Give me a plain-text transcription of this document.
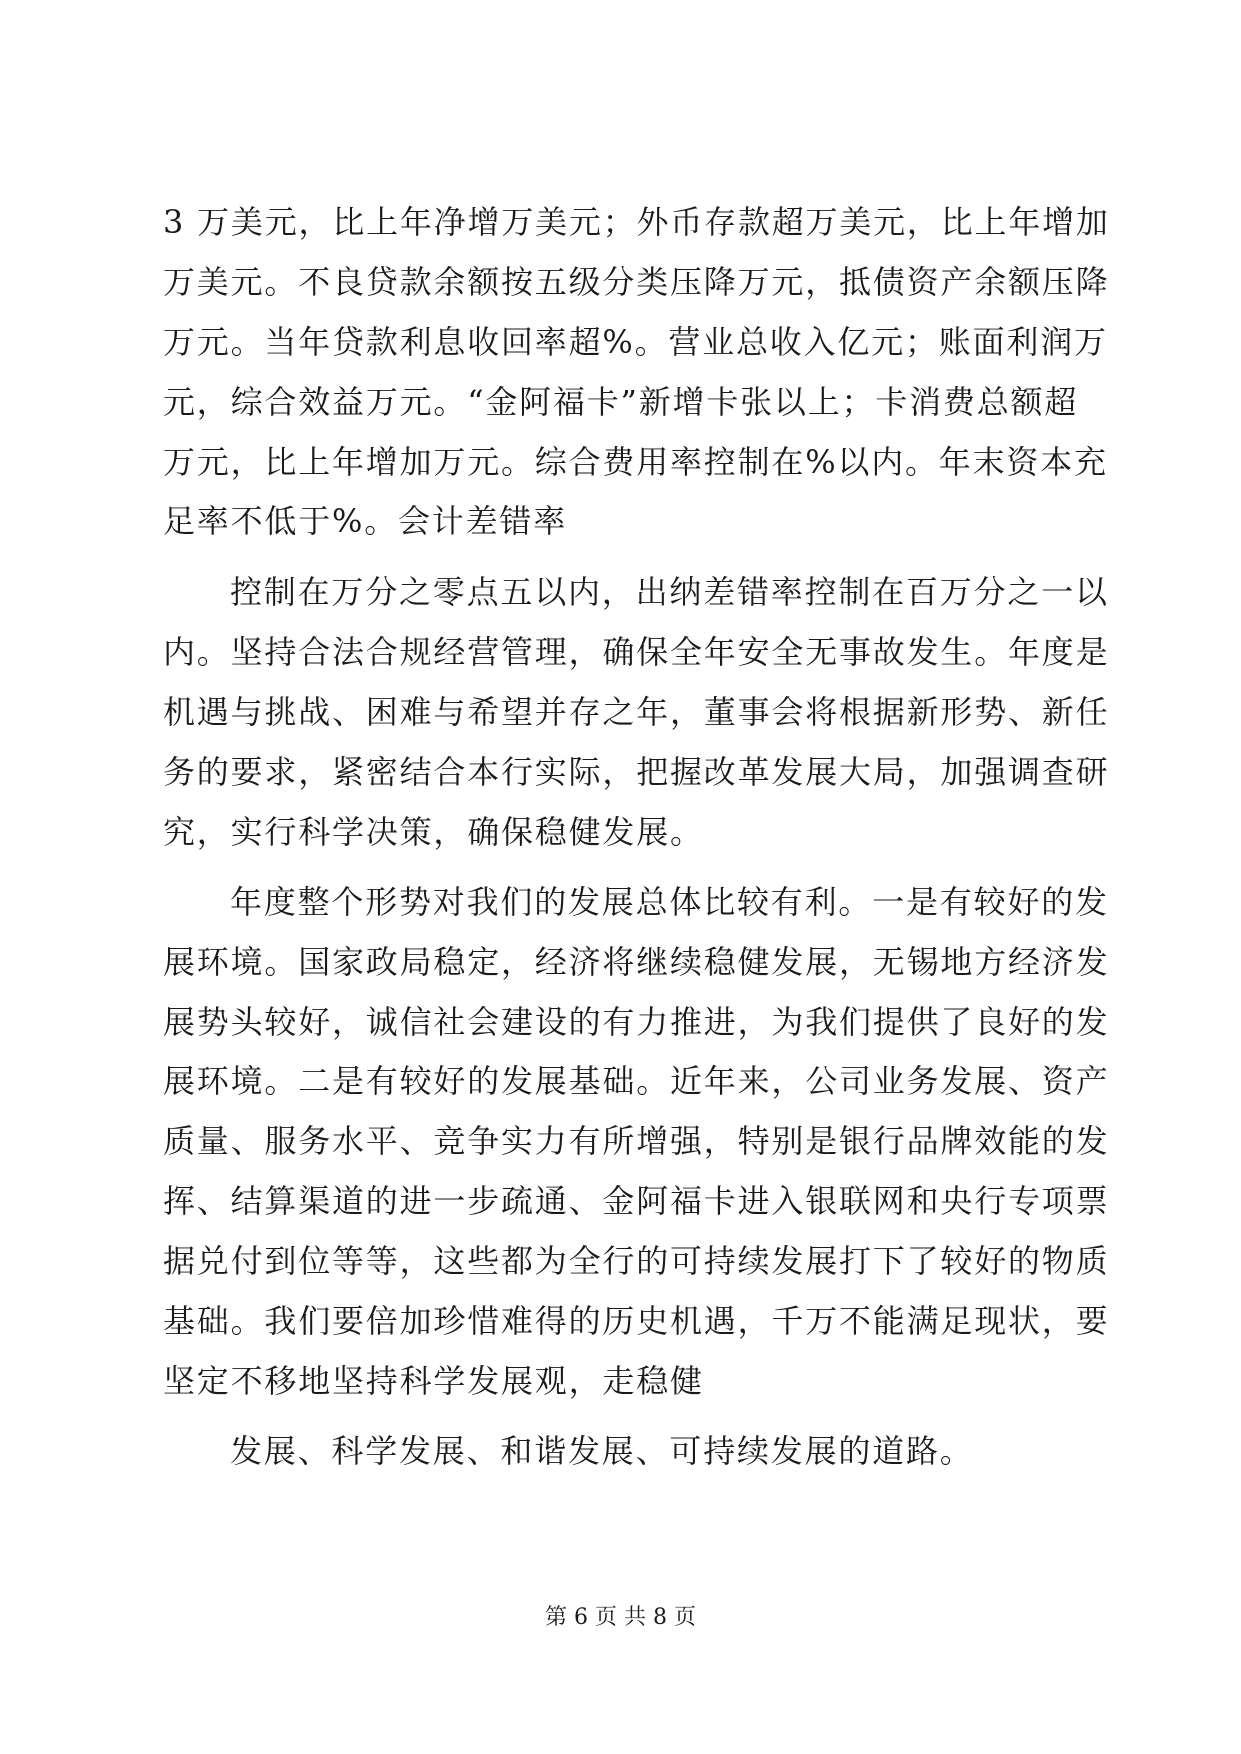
3 万美元，比上年净增万美元；外币存款超万美元，比上年增加
万美元。不良贷款余额按五级分类压降万元，抵债资产余额压降
万元。当年贷款利息收回率超%。营业总收入亿元；账面利润万
元，综合效益万元。“金阿福卡”新增卡张以上；卡消费总额超
万元，比上年增加万元。综合费用率控制在%以内。年末资本充
足率不低于%。会计差错率
控制在万分之零点五以内，出纳差错率控制在百万分之一以
内。坚持合法合规经营管理，确保全年安全无事故发生。年度是
机遇与挑战、困难与希望并存之年，董事会将根据新形势、新任
务的要求，紧密结合本行实际，把握改革发展大局，加强调查研
究，实行科学决策，确保稳健发展。
年度整个形势对我们的发展总体比较有利。一是有较好的发
展环境。国家政局稳定，经济将继续稳健发展，无锡地方经济发
展势头较好，诚信社会建设的有力推进，为我们提供了良好的发
展环境。二是有较好的发展基础。近年来，公司业务发展、资产
质量、服务水平、竞争实力有所增强，特别是银行品牌效能的发
挥、结算渠道的进一步疏通、金阿福卡进入银联网和央行专项票
据兑付到位等等，这些都为全行的可持续发展打下了较好的物质
基础。我们要倍加珍惜难得的历史机遇，千万不能满足现状，要
坚定不移地坚持科学发展观，走稳健
发展、科学发展、和谐发展、可持续发展的道路。
第 6 页 共 8 页
